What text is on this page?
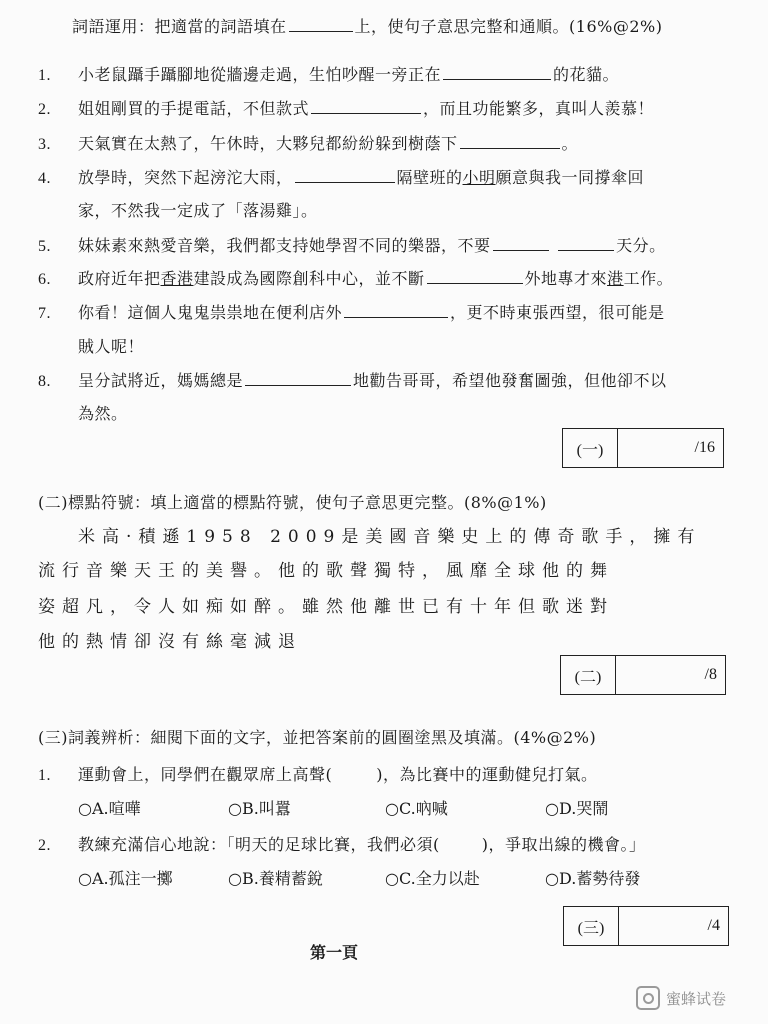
詞語運用：把適當的詞語填在	上，使句子意思完整和通順。(16%@2%)
1. 小老鼠躡手躡腳地從牆邊走過，生怕吵醒一旁正在	的花貓。
2. 姐姐剛買的手提電話，不但款式	，而且功能繁多，真叫人羨慕！
3. 天氣實在太熱了，午休時，大夥兒都紛紛躲到樹蔭下	。
4. 放學時，突然下起滂沱大雨，	隔壁班的小明願意與我一同撐傘回
家，不然我一定成了「落湯雞」。
5. 妹妹素來熱愛音樂，我們都支持她學習不同的樂器，不要	天分。
6. 政府近年把香港建設成為國際創科中心，並不斷	外地專才來港工作。
7. 你看！這個人鬼鬼祟祟地在便利店外	，更不時東張西望，很可能是
賊人呢！
8. 呈分試將近，媽媽總是	地勸告哥哥，希望他發奮圖強，但他卻不以
為然。
(一)	/16
(二)標點符號：填上適當的標點符號，使句子意思更完整。(8%@1%)
米高·積遜1958 2009是美國音樂史上的傳奇歌手，擁有
流行音樂天王的美譽。他的歌聲獨特，風靡全球他的舞
姿超凡，令人如痴如醉。雖然他離世已有十年但歌迷對
他的熱情卻沒有絲毫減退
(二)	/8
(三)詞義辨析：細閱下面的文字，並把答案前的圓圈塗黑及填滿。(4%@2%)
1. 運動會上，同學們在觀眾席上高聲(	)，為比賽中的運動健兒打氣。
○A.喧嘩	○B.叫囂	○C.吶喊	○D.哭鬧
2. 教練充滿信心地說：「明天的足球比賽，我們必須(	)，爭取出線的機會。」
○A.孤注一擲	○B.養精蓄銳	○C.全力以赴	○D.蓄勢待發
(三)	/4
第一頁
蜜蜂试卷
